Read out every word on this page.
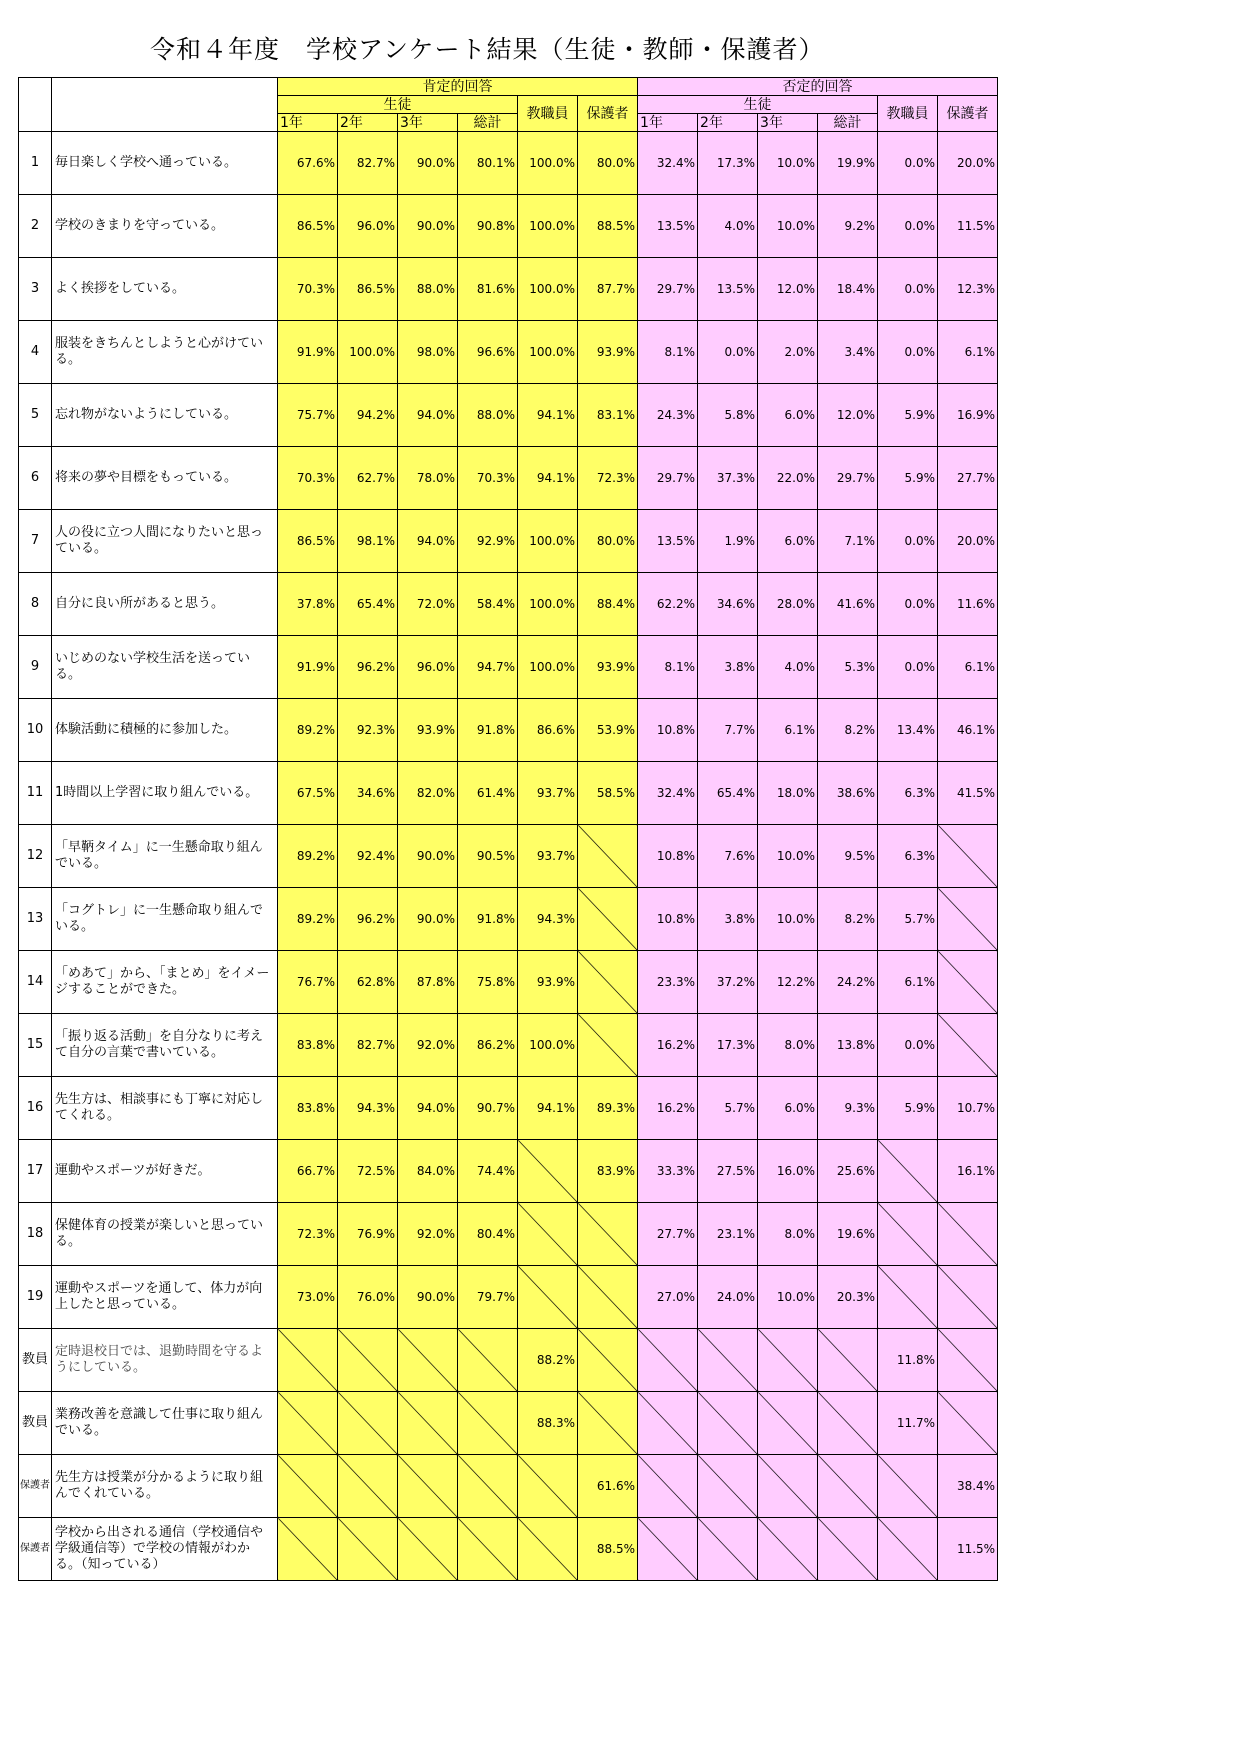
令和４年度　学校アンケート結果（生徒・教師・保護者）
		肯定的回答						否定的回答					
		生徒				教職員	保護者	生徒				教職員	保護者
		1年	2年	3年	総計			1年	2年	3年	総計		
1	毎日楽しく学校へ通っている。	67.6%	82.7%	90.0%	80.1%	100.0%	80.0%	32.4%	17.3%	10.0%	19.9%	0.0%	20.0%
2	学校のきまりを守っている。	86.5%	96.0%	90.0%	90.8%	100.0%	88.5%	13.5%	4.0%	10.0%	9.2%	0.0%	11.5%
3	よく挨拶をしている。	70.3%	86.5%	88.0%	81.6%	100.0%	87.7%	29.7%	13.5%	12.0%	18.4%	0.0%	12.3%
4	服装をきちんとしようと心がけている。	91.9%	100.0%	98.0%	96.6%	100.0%	93.9%	8.1%	0.0%	2.0%	3.4%	0.0%	6.1%
5	忘れ物がないようにしている。	75.7%	94.2%	94.0%	88.0%	94.1%	83.1%	24.3%	5.8%	6.0%	12.0%	5.9%	16.9%
6	将来の夢や目標をもっている。	70.3%	62.7%	78.0%	70.3%	94.1%	72.3%	29.7%	37.3%	22.0%	29.7%	5.9%	27.7%
7	人の役に立つ人間になりたいと思っている。	86.5%	98.1%	94.0%	92.9%	100.0%	80.0%	13.5%	1.9%	6.0%	7.1%	0.0%	20.0%
8	自分に良い所があると思う。	37.8%	65.4%	72.0%	58.4%	100.0%	88.4%	62.2%	34.6%	28.0%	41.6%	0.0%	11.6%
9	いじめのない学校生活を送っている。	91.9%	96.2%	96.0%	94.7%	100.0%	93.9%	8.1%	3.8%	4.0%	5.3%	0.0%	6.1%
10	体験活動に積極的に参加した。	89.2%	92.3%	93.9%	91.8%	86.6%	53.9%	10.8%	7.7%	6.1%	8.2%	13.4%	46.1%
11	1時間以上学習に取り組んでいる。	67.5%	34.6%	82.0%	61.4%	93.7%	58.5%	32.4%	65.4%	18.0%	38.6%	6.3%	41.5%
12	「早鞆タイム」に一生懸命取り組んでいる。	89.2%	92.4%	90.0%	90.5%	93.7%		10.8%	7.6%	10.0%	9.5%	6.3%	
13	「コグトレ」に一生懸命取り組んでいる。	89.2%	96.2%	90.0%	91.8%	94.3%		10.8%	3.8%	10.0%	8.2%	5.7%	
14	「めあて」から、「まとめ」をイメージすることができた。	76.7%	62.8%	87.8%	75.8%	93.9%		23.3%	37.2%	12.2%	24.2%	6.1%	
15	「振り返る活動」を自分なりに考えて自分の言葉で書いている。	83.8%	82.7%	92.0%	86.2%	100.0%		16.2%	17.3%	8.0%	13.8%	0.0%	
16	先生方は、相談事にも丁寧に対応してくれる。	83.8%	94.3%	94.0%	90.7%	94.1%	89.3%	16.2%	5.7%	6.0%	9.3%	5.9%	10.7%
17	運動やスポーツが好きだ。	66.7%	72.5%	84.0%	74.4%		83.9%	33.3%	27.5%	16.0%	25.6%		16.1%
18	保健体育の授業が楽しいと思っている。	72.3%	76.9%	92.0%	80.4%			27.7%	23.1%	8.0%	19.6%		
19	運動やスポーツを通して、体力が向上したと思っている。	73.0%	76.0%	90.0%	79.7%			27.0%	24.0%	10.0%	20.3%		
教員	定時退校日では、退勤時間を守るようにしている。					88.2%						11.8%	
教員	業務改善を意識して仕事に取り組んでいる。					88.3%						11.7%	
保護者	先生方は授業が分かるように取り組んでくれている。						61.6%						38.4%
保護者	学校から出される通信（学校通信や学級通信等）で学校の情報がわかる。（知っている）						88.5%						11.5%
